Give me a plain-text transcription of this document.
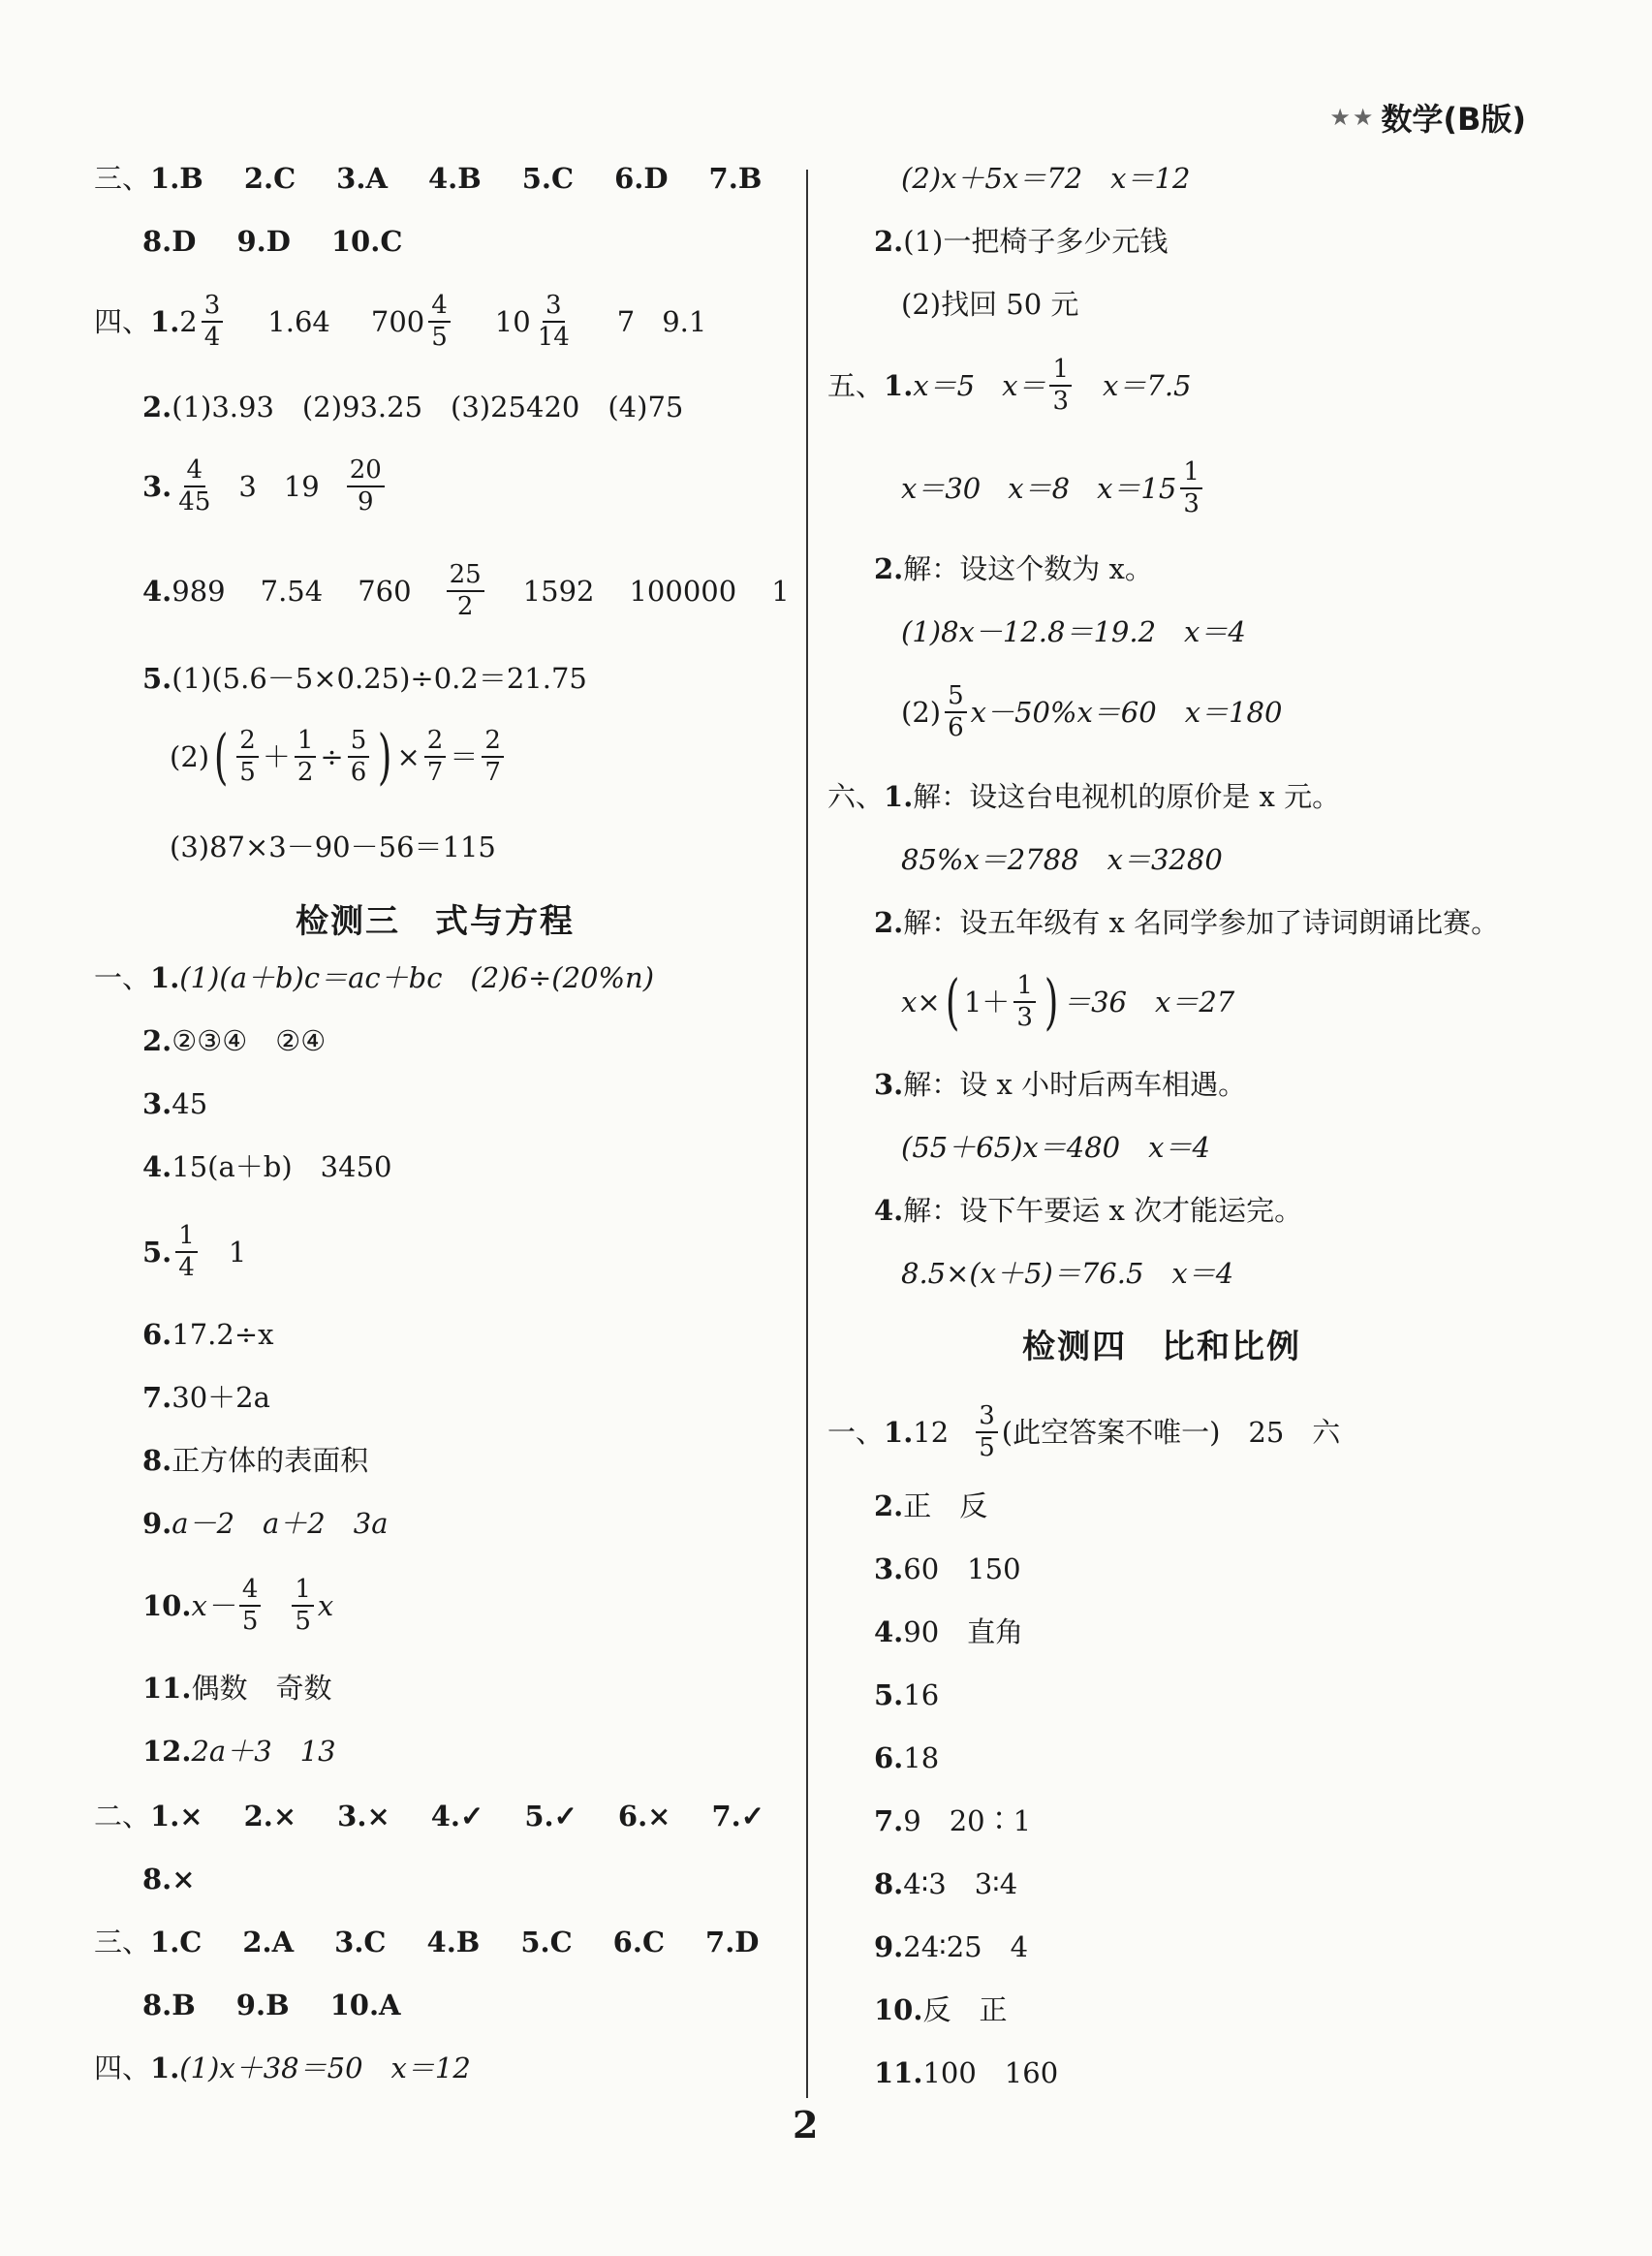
★★ 数学(B版)
三、 1.B 2.C 3.A 4.B 5.C 6.D 7.B
8.D 9.D 10.C
四、 1. $2 \frac{3}{4} 1.64$ $700 \frac{4}{5} 10 \frac{3}{14} 7$ 9.1
2. (1)3.93　(2)93.25　(3)25420　(4)75
3. $\frac{4}{45} 3$ $19 \frac{20}{9}$
4. 989 7.54 $760 \frac{25}{2} 1592$ 100000 1
5. (1)(5.6－5×0.25)÷0.2＝21.75
(2) ( $\frac{2}{5} + \frac{1}{2} \div \frac{5}{6}$ ) × $\frac{2}{7} = \frac{2}{7}$
(3)87×3－90－56＝115
检测三　式与方程
一、 1. (1)(a＋b)c＝ac＋bc　(2)6÷(20%n)
2. ②③④　②④
3. 45
4. 15(a＋b)　3450
5. $\frac{1}{4} 1$
6. 17.2÷x
7. 30＋2a
8. 正方体的表面积
9. a－2　a＋2　3a
10. $x- \frac{4}{5} \frac{1}{5}$ x
11. 偶数　奇数
12. 2a＋3　13
二、 1.× 2.× 3.× 4.✓ 5.✓ 6.× 7.✓
8.×
三、 1.C 2.A 3.C 4.B 5.C 6.C 7.D
8.B 9.B 10.A
四、 1. (1)x＋38＝50　x＝12
(2)x＋5x＝72　x＝12
2. (1)一把椅子多少元钱
(2)找回 50 元
五、 1. x＝5 $x= \frac{1}{3} x=7.5$
x＝30 x＝8 $x=15 \frac{1}{3}$
2. 解：设这个数为 x。
(1)8x－12.8＝19.2　x＝4
$(2) \frac{5}{6} x-50\%x=60$　x＝180
六、 1. 解：设这台电视机的原价是 x 元。
85%x＝2788　x＝3280
2. 解：设五年级有 x 名同学参加了诗词朗诵比赛。
x× ( $1+ \frac{1}{3}$ ) ＝36　x＝27
3. 解：设 x 小时后两车相遇。
(55＋65)x＝480　x＝4
4. 解：设下午要运 x 次才能运完。
8.5×(x＋5)＝76.5　x＝4
检测四　比和比例
一、 1. $12 \frac{3}{5}$ (此空答案不唯一)　25　六
2. 正　反
3. 60　150
4. 90　直角
5. 16
6. 18
7. 9　20∶1
8. 4∶3　3∶4
9. 24∶25　4
10. 反　正
11. 100　160
2
